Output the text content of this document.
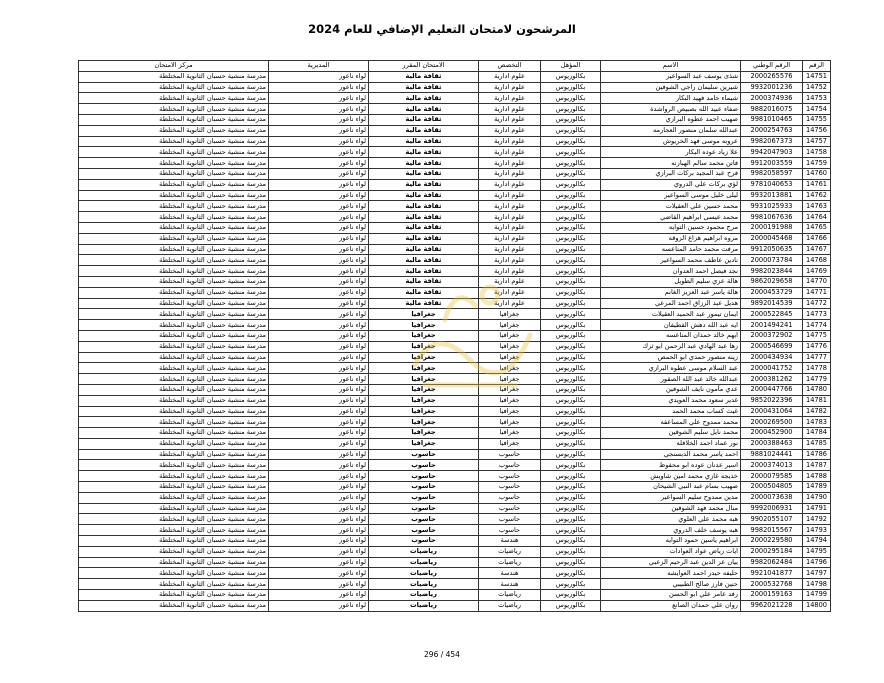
المرشحون لامتحان التعليم الإضافي للعام 2024
الرقم	الرقم الوطني	الاسم	المؤهل	التخصص	الامتحان المقرر	المديرية	مركز الامتحان
14751	2000265576	شذى يوسف عبد السواعير	بكالوريوس	علوم ادارية	ثقافة مالية	لواء ناعور	مدرسة منشية حسبان الثانوية المختلطة
14752	9932001236	شيرين سليمان راجي الشوفين	بكالوريوس	علوم ادارية	ثقافة مالية	لواء ناعور	مدرسة منشية حسبان الثانوية المختلطة
14753	2000374936	شيماء حامد فهيد البكار	بكالوريوس	علوم ادارية	ثقافة مالية	لواء ناعور	مدرسة منشية حسبان الثانوية المختلطة
14754	9882016075	صفاء عبيد الله بصبيص الرواشدة	بكالوريوس	علوم ادارية	ثقافة مالية	لواء ناعور	مدرسة منشية حسبان الثانوية المختلطة
14755	9981010465	صهيب احمد عطوه البرازي	بكالوريوس	علوم ادارية	ثقافة مالية	لواء ناعور	مدرسة منشية حسبان الثانوية المختلطة
14756	2000254763	عبدالله سلمان منصور العجارمه	بكالوريوس	علوم ادارية	ثقافة مالية	لواء ناعور	مدرسة منشية حسبان الثانوية المختلطة
14757	9982067373	عروبه موسى فهد الخريوش	بكالوريوس	علوم ادارية	ثقافة مالية	لواء ناعور	مدرسة منشية حسبان الثانوية المختلطة
14758	9942047903	علا زياد عوده البكار	بكالوريوس	علوم ادارية	ثقافة مالية	لواء ناعور	مدرسة منشية حسبان الثانوية المختلطة
14759	9912003559	فاتن محمد سالم الهبارنه	بكالوريوس	علوم ادارية	ثقافة مالية	لواء ناعور	مدرسة منشية حسبان الثانوية المختلطة
14760	9982058597	فرح عبد المجيد بركات البرازي	بكالوريوس	علوم ادارية	ثقافة مالية	لواء ناعور	مدرسة منشية حسبان الثانوية المختلطة
14761	9781040653	لؤي بركات علي الدروي	بكالوريوس	علوم ادارية	ثقافة مالية	لواء ناعور	مدرسة منشية حسبان الثانوية المختلطة
14762	9932013881	ليلى خليل موسى السواعير	بكالوريوس	علوم ادارية	ثقافة مالية	لواء ناعور	مدرسة منشية حسبان الثانوية المختلطة
14763	9931025933	محمد حسين علي العقيلات	بكالوريوس	علوم ادارية	ثقافة مالية	لواء ناعور	مدرسة منشية حسبان الثانوية المختلطة
14764	9981067636	محمد عيسى ابراهيم القاضي	بكالوريوس	علوم ادارية	ثقافة مالية	لواء ناعور	مدرسة منشية حسبان الثانوية المختلطة
14765	2000191988	مرح محمود حسين التوايه	بكالوريوس	علوم ادارية	ثقافة مالية	لواء ناعور	مدرسة منشية حسبان الثانوية المختلطة
14766	2000045468	مروه ابراهيم هزاع الزوقه	بكالوريوس	علوم ادارية	ثقافة مالية	لواء ناعور	مدرسة منشية حسبان الثانوية المختلطة
14767	9912050635	مرفت محمد حامد المناعسه	بكالوريوس	علوم ادارية	ثقافة مالية	لواء ناعور	مدرسة منشية حسبان الثانوية المختلطة
14768	2000073784	نادين عاطف محمد السواعير	بكالوريوس	علوم ادارية	ثقافة مالية	لواء ناعور	مدرسة منشية حسبان الثانوية المختلطة
14769	9982023844	نجد فيصل احمد العدوان	بكالوريوس	علوم ادارية	ثقافة مالية	لواء ناعور	مدرسة منشية حسبان الثانوية المختلطة
14770	9862029658	هالة عزي سليم الطويل	بكالوريوس	علوم ادارية	ثقافة مالية	لواء ناعور	مدرسة منشية حسبان الثانوية المختلطة
14771	2000453729	هالة ياسر عبد العزيز الغانم	بكالوريوس	علوم ادارية	ثقافة مالية	لواء ناعور	مدرسة منشية حسبان الثانوية المختلطة
14772	9892014539	هديل عبد الرزاق احمد المرعي	بكالوريوس	علوم ادارية	ثقافة مالية	لواء ناعور	مدرسة منشية حسبان الثانوية المختلطة
14773	2000522845	ايمان تيمور عبد الحميد العقيلات	بكالوريوس	جغرافيا	جغرافيا	لواء ناعور	مدرسة منشية حسبان الثانوية المختلطة
14774	2001494241	ايه عبد الله دهش القطيفان	بكالوريوس	جغرافيا	جغرافيا	لواء ناعور	مدرسة منشية حسبان الثانوية المختلطة
14775	2000372902	ايهم خالد حمدان المناعسه	بكالوريوس	جغرافيا	جغرافيا	لواء ناعور	مدرسة منشية حسبان الثانوية المختلطة
14776	2000546699	زها عبد الهادي عبد الرحمن ابو ثرك	بكالوريوس	جغرافيا	جغرافيا	لواء ناعور	مدرسة منشية حسبان الثانوية المختلطة
14777	2000434934	زينه منصور حمدي ابو الحمص	بكالوريوس	جغرافيا	جغرافيا	لواء ناعور	مدرسة منشية حسبان الثانوية المختلطة
14778	2000041752	عبد السلام موسى عطوه البرازي	بكالوريوس	جغرافيا	جغرافيا	لواء ناعور	مدرسة منشية حسبان الثانوية المختلطة
14779	2000381262	عبدالله خالد عبد الله الصقور	بكالوريوس	جغرافيا	جغرافيا	لواء ناعور	مدرسة منشية حسبان الثانوية المختلطة
14780	2000447766	عدي مأمون نايف الشوفين	بكالوريوس	جغرافيا	جغرافيا	لواء ناعور	مدرسة منشية حسبان الثانوية المختلطة
14781	9852022396	غدير سعود محمد العويدي	بكالوريوس	جغرافيا	جغرافيا	لواء ناعور	مدرسة منشية حسبان الثانوية المختلطة
14782	2000431064	غيث كساب محمد الحمد	بكالوريوس	جغرافيا	جغرافيا	لواء ناعور	مدرسة منشية حسبان الثانوية المختلطة
14783	2000269500	محمد ممدوح علي المساعفه	بكالوريوس	جغرافيا	جغرافيا	لواء ناعور	مدرسة منشية حسبان الثانوية المختلطة
14784	2000452900	محمد نايل سليم الشوفين	بكالوريوس	جغرافيا	جغرافيا	لواء ناعور	مدرسة منشية حسبان الثانوية المختلطة
14785	2000388463	نور عماد احمد الخلافله	بكالوريوس	جغرافيا	جغرافيا	لواء ناعور	مدرسة منشية حسبان الثانوية المختلطة
14786	9881024441	احمد ياسر محمد الدبسنجي	بكالوريوس	حاسوب	حاسوب	لواء ناعور	مدرسة منشية حسبان الثانوية المختلطة
14787	2000374013	اسير عدنان عوده ابو محفوظ	بكالوريوس	حاسوب	حاسوب	لواء ناعور	مدرسة منشية حسبان الثانوية المختلطة
14788	2000079585	خديجه غازي محمد امين شاويش	بكالوريوس	حاسوب	حاسوب	لواء ناعور	مدرسة منشية حسبان الثانوية المختلطة
14789	2000504805	صهيب بسام عبد النبي الشيحان	بكالوريوس	حاسوب	حاسوب	لواء ناعور	مدرسة منشية حسبان الثانوية المختلطة
14790	2000073638	مدين ممدوح سليم السواعير	بكالوريوس	حاسوب	حاسوب	لواء ناعور	مدرسة منشية حسبان الثانوية المختلطة
14791	9992006931	منال محمد فهد الشوفين	بكالوريوس	حاسوب	حاسوب	لواء ناعور	مدرسة منشية حسبان الثانوية المختلطة
14792	9902055107	هبه محمد علي العلوي	بكالوريوس	حاسوب	حاسوب	لواء ناعور	مدرسة منشية حسبان الثانوية المختلطة
14793	9982015567	هبه يوسف خلف الدروي	بكالوريوس	حاسوب	حاسوب	لواء ناعور	مدرسة منشية حسبان الثانوية المختلطة
14794	2000229580	ابراهيم ياسين حمود التوايه	بكالوريوس	هندسة	حاسوب	لواء ناعور	مدرسة منشية حسبان الثانوية المختلطة
14795	2000295184	ايات رياض عواد العوادات	بكالوريوس	رياضيات	رياضيات	لواء ناعور	مدرسة منشية حسبان الثانوية المختلطة
14796	9982062484	بيان عز الدين عبد الرحيم الزعبي	بكالوريوس	رياضيات	رياضيات	لواء ناعور	مدرسة منشية حسبان الثانوية المختلطة
14797	9921041877	حليفه حيدر احمد العوايشه	بكالوريوس	هندسة	رياضيات	لواء ناعور	مدرسة منشية حسبان الثانوية المختلطة
14798	2000532768	حنين فارز صالح الطبيبي	بكالوريوس	هندسة	رياضيات	لواء ناعور	مدرسة منشية حسبان الثانوية المختلطة
14799	2000159163	رفد عامر علي ابو الحسن	بكالوريوس	رياضيات	رياضيات	لواء ناعور	مدرسة منشية حسبان الثانوية المختلطة
14800	9962021228	روان علي حمدان الصانع	بكالوريوس	رياضيات	رياضيات	لواء ناعور	مدرسة منشية حسبان الثانوية المختلطة
296 / 454
